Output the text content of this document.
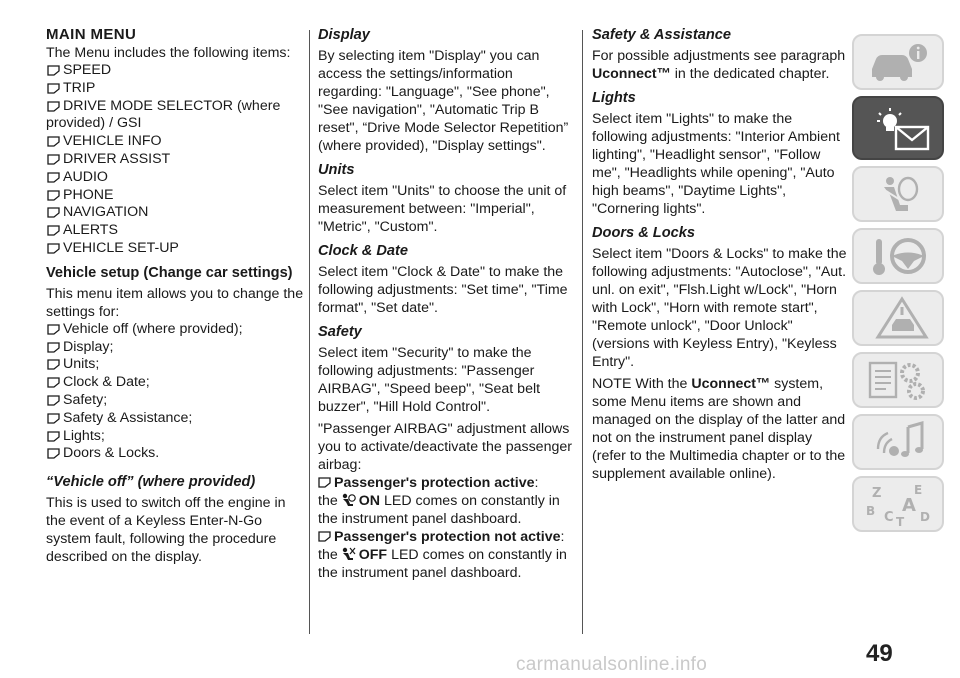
MAIN MENU

The Menu includes the following items:

SPEED
TRIP
DRIVE MODE SELECTOR (where provided) / GSI
VEHICLE INFO
DRIVER ASSIST
AUDIO
PHONE
NAVIGATION
ALERTS
VEHICLE SET-UP
Vehicle setup (Change car settings)

This menu item allows you to change the settings for:

Vehicle off (where provided);
Display;
Units;
Clock & Date;
Safety;
Safety & Assistance;
Lights;
Doors & Locks.
“Vehicle off” (where provided)

This is used to switch off the engine in the event of a Keyless Enter-N-Go system fault, following the procedure described on the display.

Display

By selecting item "Display" you can access the settings/information regarding: "Language", "See phone", "See navigation", "Automatic Trip B reset", “Drive Mode Selector Repetition” (where provided), "Display settings".

Units

Select item "Units" to choose the unit of measurement between: "Imperial", "Metric", "Custom".

Clock & Date

Select item "Clock & Date" to make the following adjustments: "Set time", "Time format", "Set date".

Safety

Select item "Security" to make the following adjustments: "Passenger AIRBAG", "Speed beep", "Seat belt buzzer", "Hill Hold Control".

"Passenger AIRBAG" adjustment allows you to activate/deactivate the passenger airbag:

Passenger's protection active:
the ON LED comes on constantly in the instrument panel dashboard.

Passenger's protection not active: the OFF LED comes on constantly in the instrument panel dashboard.

Safety & Assistance

For possible adjustments see paragraph Uconnect™ in the dedicated chapter.

Lights

Select item "Lights" to make the following adjustments: "Interior Ambient lighting", "Headlight sensor", "Follow me", "Headlights while opening", "Auto high beams", "Daytime Lights", "Cornering lights".

Doors & Locks

Select item "Doors & Locks" to make the following adjustments: "Autoclose", "Aut. unl. on exit", "Flsh.Light w/Lock", "Horn with Lock", "Horn with remote start", "Remote unlock", "Door Unlock" (versions with Keyless Entry), "Keyless Entry".

NOTE With the Uconnect™ system, some Menu items are shown and managed on the display of the latter and not on the instrument panel display (refer to the Multimedia chapter or to the supplement available online).

Z	E
B A
C D
T
49
carmanualsonline.info
